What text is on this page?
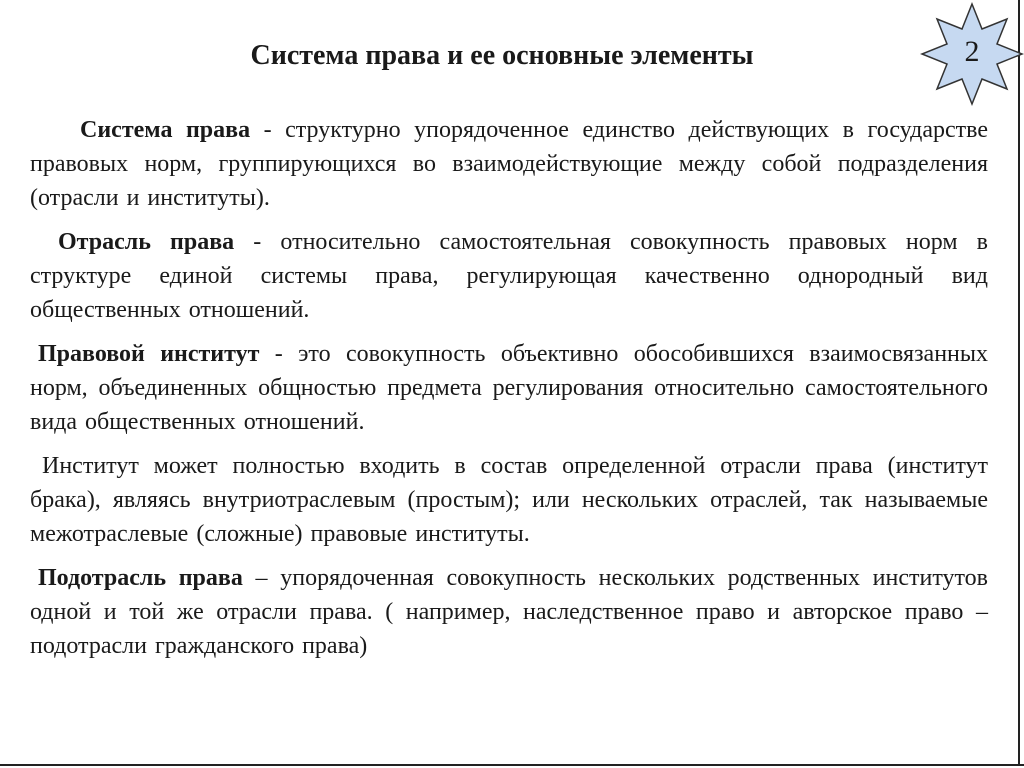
Система права и ее основные элементы	2

Система права - структурно упорядоченное единство действующих в государстве правовых норм, группирующихся во взаимодействующие между собой подразделения (отрасли и институты).

Отрасль права - относительно самостоятельная совокупность правовых норм в структуре единой системы права, регулирующая качественно однородный вид общественных отношений.

Правовой институт - это совокупность объективно обособившихся взаимосвязанных норм, объединенных общностью предмета регулирования относительно самостоятельного вида общественных отношений.

Институт может полностью входить в состав определенной отрасли права (институт брака), являясь внутриотраслевым (простым); или нескольких отраслей, так называемые межотраслевые (сложные) правовые институты.

Подотрасль права – упорядоченная совокупность нескольких родственных институтов одной и той же отрасли права. ( например, наследственное право и авторское право – подотрасли гражданского права)
